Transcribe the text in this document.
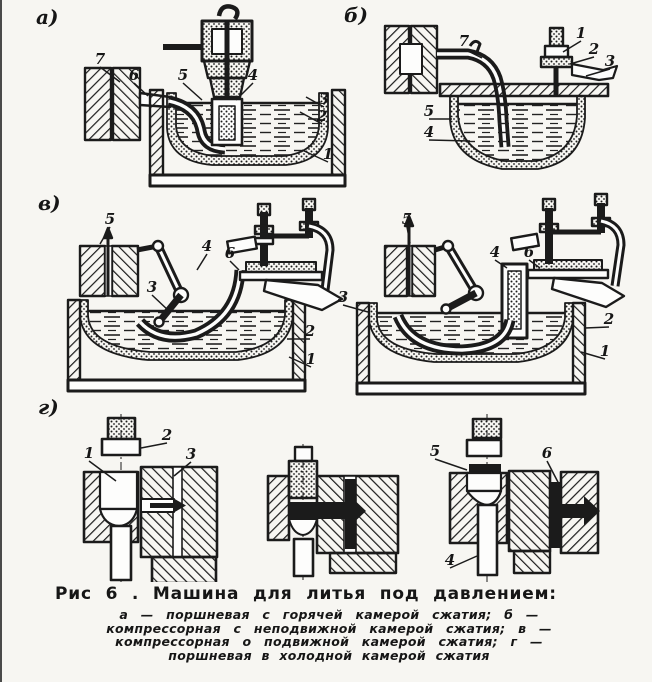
а)
7
6	5	4
3
2
1
б)
7	1
2
3
5
4
в)
5
3
4 6
2
1
5
3
4 6
2
1
г)
2
1	3	5	6
4
Рис 6 . Машина для литья под давлением:
а — поршневая с горячей камерой сжатия; б —
компрессорная с неподвижной камерой сжатия; в —
компрессорная о подвижной камерой сжатия; г —
поршневая в холодной камерой сжатия
